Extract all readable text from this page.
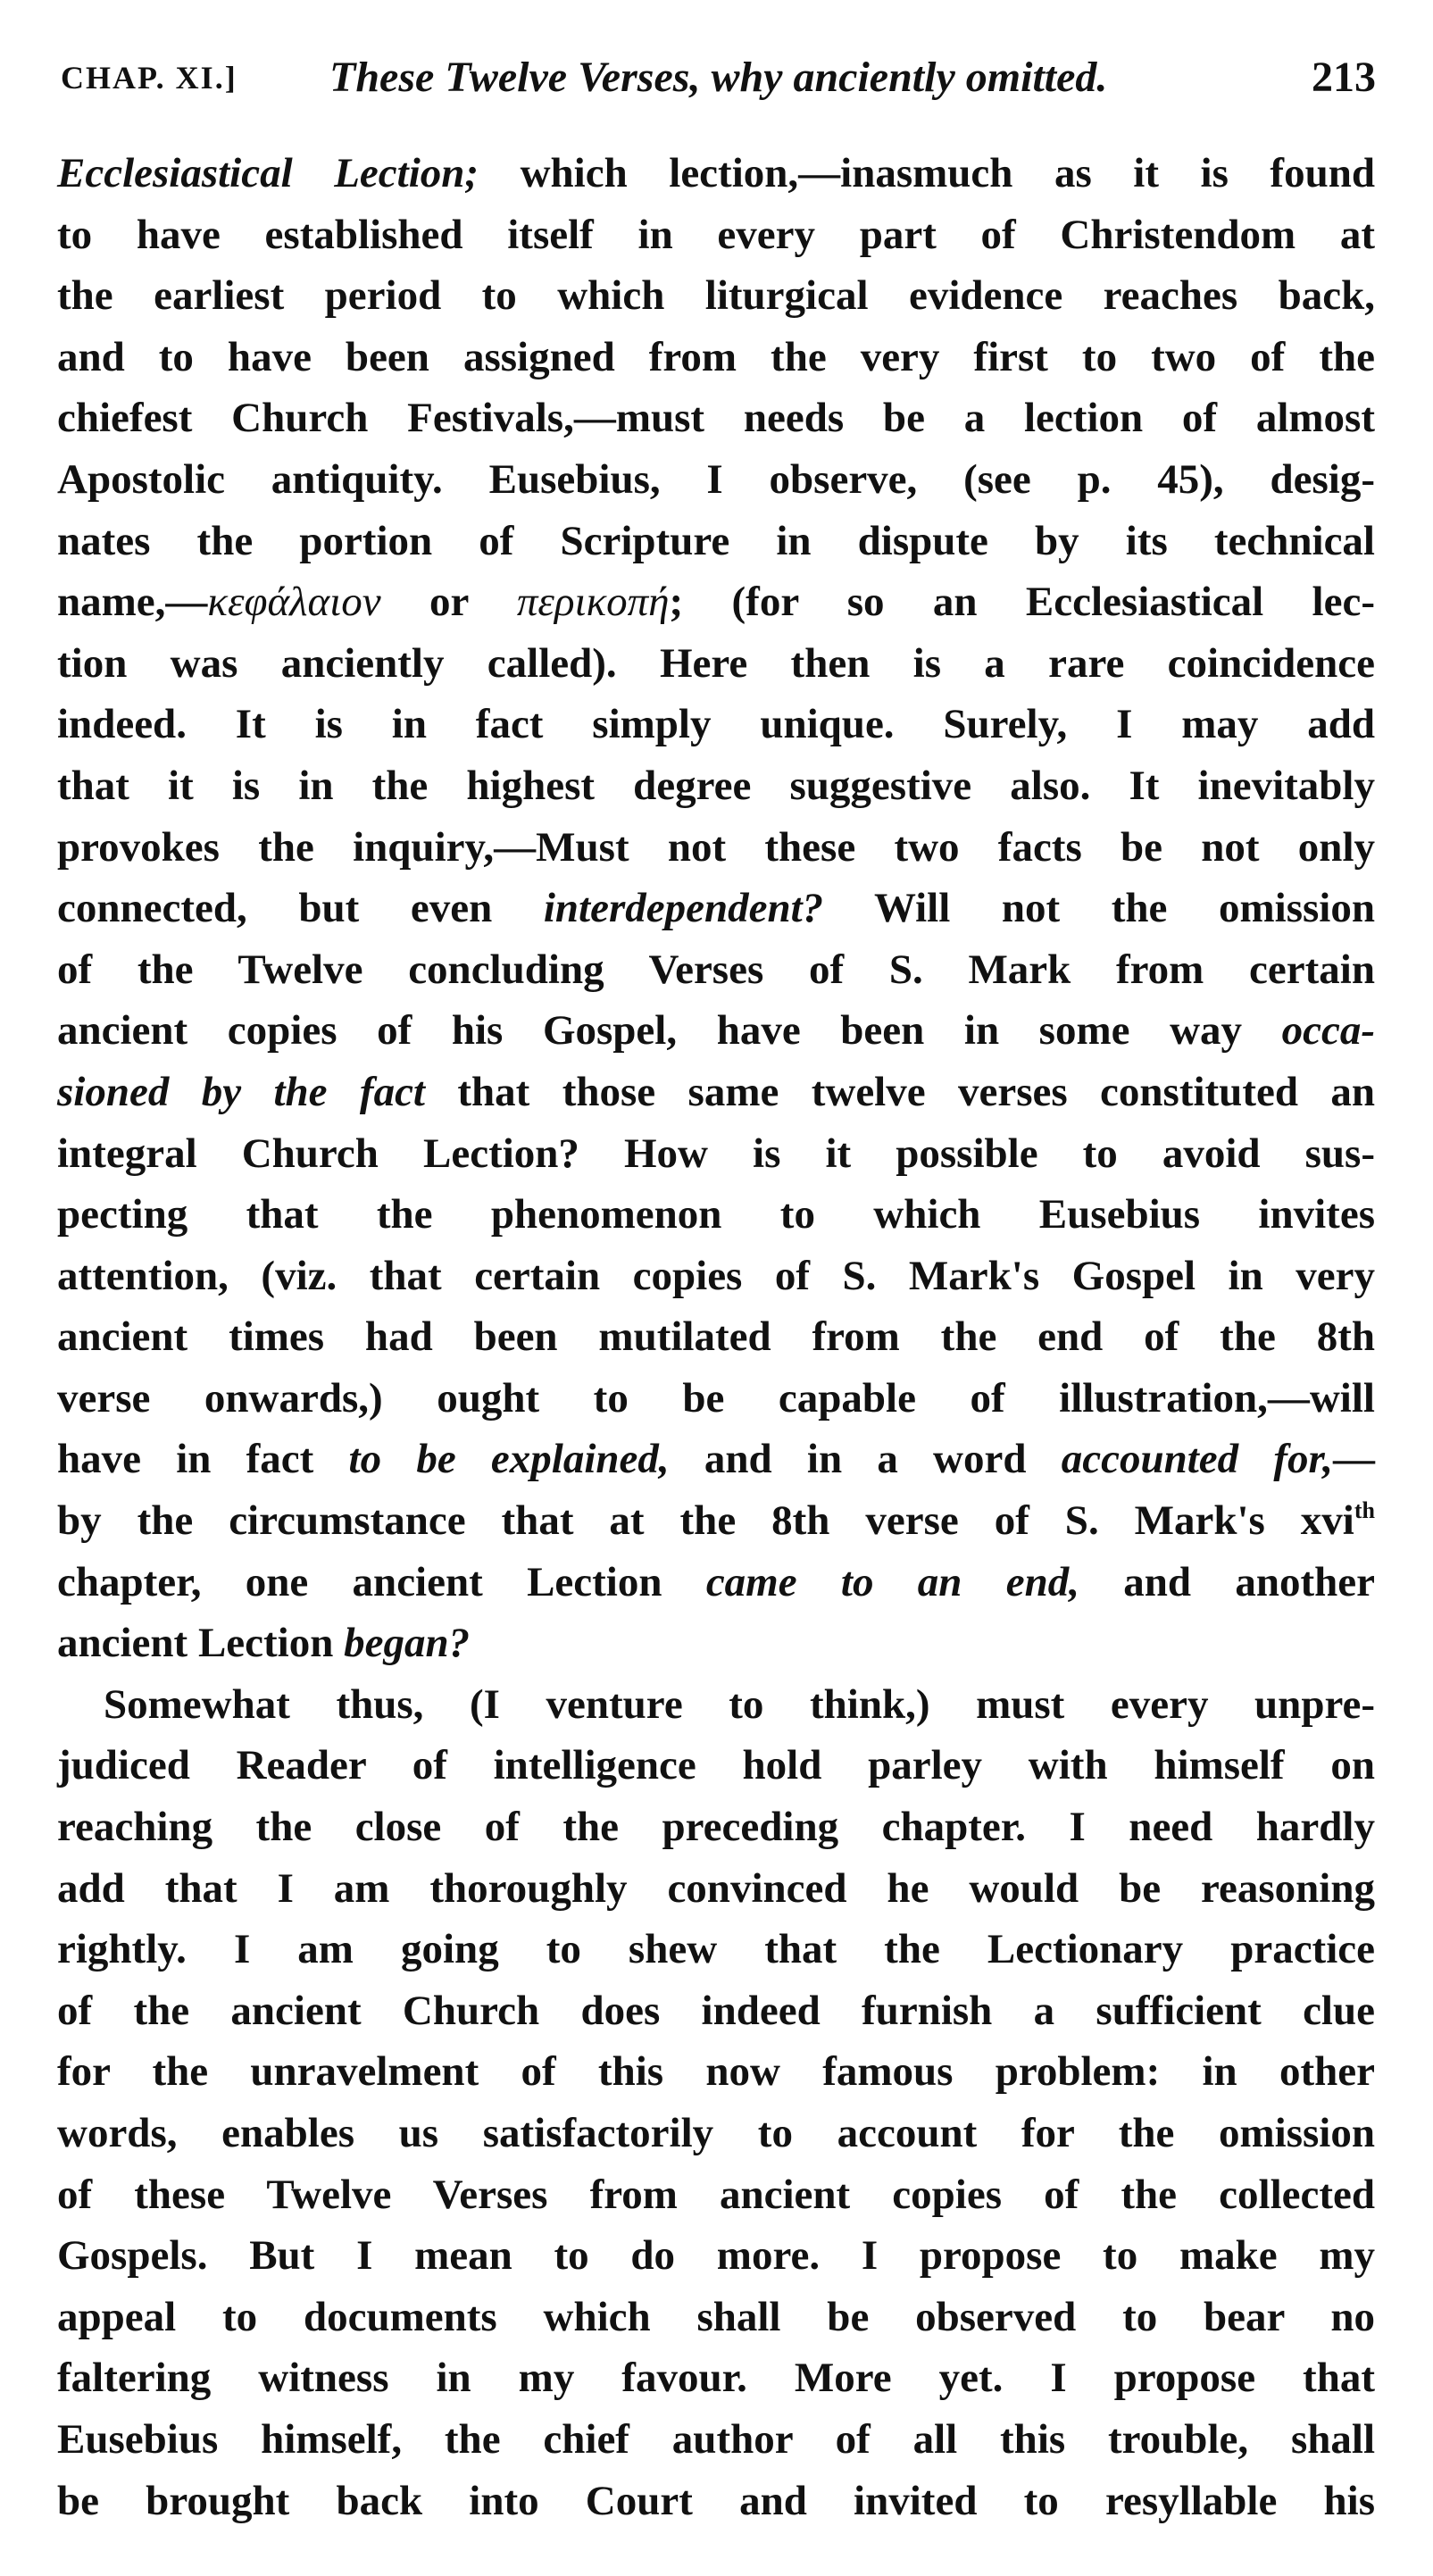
CHAP. XI.] These Twelve Verses, why anciently omitted.	213
Ecclesiastical Lection; which lection,—inasmuch as it is found
to have established itself in every part of Christendom at
the earliest period to which liturgical evidence reaches back,
and to have been assigned from the very first to two of the
chiefest Church Festivals,—must needs be a lection of almost
Apostolic antiquity. Eusebius, I observe, (see p. 45), desig-
nates the portion of Scripture in dispute by its technical
name,—κεφάλαιον or περικοπή; (for so an Ecclesiastical lec-
tion was anciently called). Here then is a rare coincidence
indeed. It is in fact simply unique. Surely, I may add
that it is in the highest degree suggestive also. It inevitably
provokes the inquiry,—Must not these two facts be not only
connected, but even interdependent? Will not the omission
of the Twelve concluding Verses of S. Mark from certain
ancient copies of his Gospel, have been in some way occa-
sioned by the fact that those same twelve verses constituted an
integral Church Lection? How is it possible to avoid sus-
pecting that the phenomenon to which Eusebius invites
attention, (viz. that certain copies of S. Mark's Gospel in very
ancient times had been mutilated from the end of the 8th
verse onwards,) ought to be capable of illustration,—will
have in fact to be explained, and in a word accounted for,—
by the circumstance that at the 8th verse of S. Mark's xvi$^{th}$
chapter, one ancient Lection came to an end, and another
ancient Lection began?
Somewhat thus, (I venture to think,) must every unpre-
judiced Reader of intelligence hold parley with himself on
reaching the close of the preceding chapter. I need hardly
add that I am thoroughly convinced he would be reasoning
rightly. I am going to shew that the Lectionary practice
of the ancient Church does indeed furnish a sufficient clue
for the unravelment of this now famous problem: in other
words, enables us satisfactorily to account for the omission
of these Twelve Verses from ancient copies of the collected
Gospels. But I mean to do more. I propose to make my
appeal to documents which shall be observed to bear no
faltering witness in my favour. More yet. I propose that
Eusebius himself, the chief author of all this trouble, shall
be brought back into Court and invited to resyllable his
